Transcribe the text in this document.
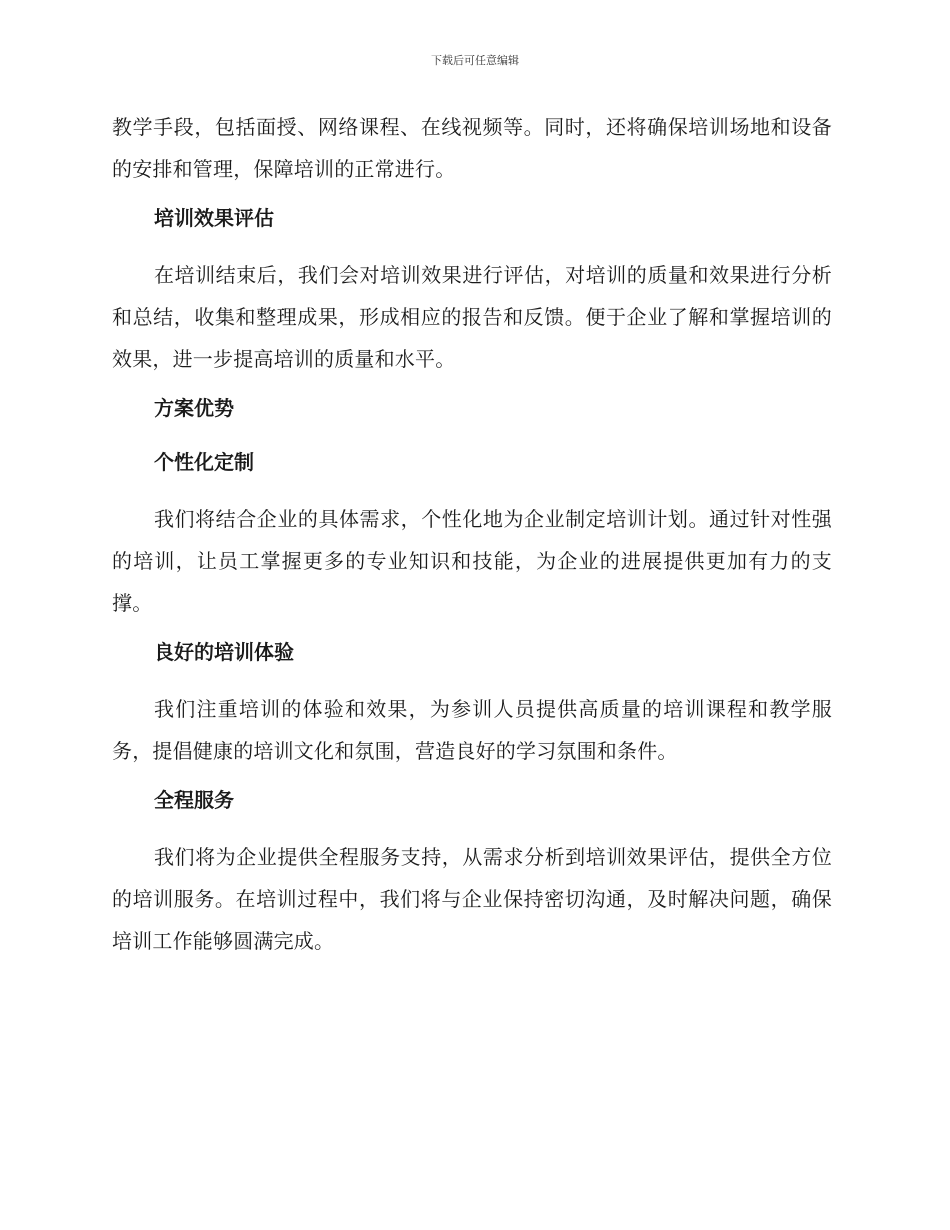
下载后可任意编辑

教学手段，包括面授、网络课程、在线视频等。同时，还将确保培训场地和设备的安排和管理，保障培训的正常进行。

培训效果评估

在培训结束后，我们会对培训效果进行评估，对培训的质量和效果进行分析和总结，收集和整理成果，形成相应的报告和反馈。便于企业了解和掌握培训的效果，进一步提高培训的质量和水平。

方案优势
个性化定制

我们将结合企业的具体需求，个性化地为企业制定培训计划。通过针对性强的培训，让员工掌握更多的专业知识和技能，为企业的进展提供更加有力的支撑。

良好的培训体验

我们注重培训的体验和效果，为参训人员提供高质量的培训课程和教学服务，提倡健康的培训文化和氛围，营造良好的学习氛围和条件。

全程服务

我们将为企业提供全程服务支持，从需求分析到培训效果评估，提供全方位的培训服务。在培训过程中，我们将与企业保持密切沟通，及时解决问题，确保培训工作能够圆满完成。
